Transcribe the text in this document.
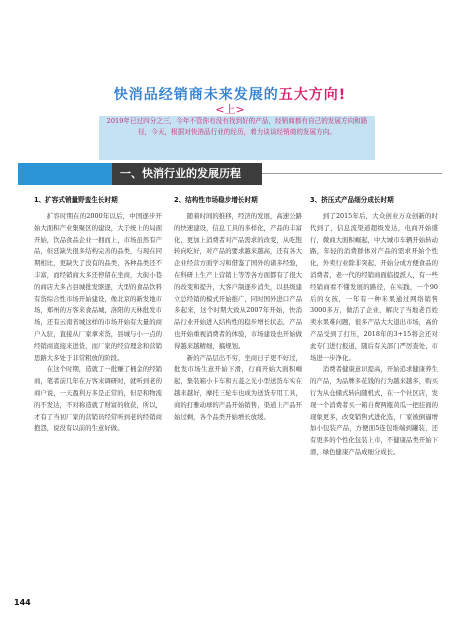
快消品经销商未来发展的五大方向!
<上>
2019年已过四分之三，今年不管你有没有找到好的产品，经销商都有自己的发展方向和路径，今天，根据对快消品行业的经历，着力谈谈经销商的发展方向。
一、快消行业的发展历程
1、扩容式销量野蛮生长时期

扩容时期在的2000年以后，中国逐步开始大面积产业集聚区的建设，大于统上的局面开始，饮品食品企业一拥而上，市场虽然有产品，但廷缺失很多结构完善的品类，与现在同期相比，更缺失了没有的品类，各种品类还不丰富，而经销商大多还停留在坐商，大街小巷的商店大多占县城批发驱逐，大型的食品饮料有货综合性市场开始建设，像北京的新发地市场，郑州的万客来食品城，洛阳的天林批发市场，还有云南省城这样的市场开始有大量的商户入驻，直接从厂家拿来货，县城与小一点的经销商直接来进货，而厂家的经营理念和营销思路大多处于非常粗放的阶段。

在这个时期，造就了一批赚了桶金的经销商，笔者前几年在万客来调研时，就听到老的商户说，一天盈利万多是正常的，但是和物流的不发达，不对称造就了财富的收获，所以，才有了当初厂家的营销员经常听到老的经销商抱怨，说没有以前的生意好做。

2、结构性市场稳步增长时期

随着时间的推移，经济的发展，高速公路的快速建设，信息工具的多样化，产品的丰富化，更加上消费者对产品需求的改变，从吃饱转向吃好，对产品的要求越来越高，还有各大企业经营方面学习和借鉴了国外的诸多经验，在科研上生产上营销上等等各方面都有了很大的改变和提升，大客户制逐步消失，以县级建立总经销的模式开始推广，同时国外进口产品多起来，这个时期大致从2007年开始，快消品行业开始进入结构性的稳步增长状态，产品也开始重视消费者的体验，市场建设也开始做得越来越精细，搞规划。

新的产品层出不穷，坐商日子更不好过，批发市场生意开始下滑，行商开始大面积崛起，集装箱小卡车和五菱之光小型送货车实在越来越好，摩托三轮车也成为送货专用工具，商的打雅动球的产品开始销售，渠道上产品开始过剩，各个品类开始增长放缓。

3、挤压式产品细分成长时期

到了2015年后，大众创业万众创新的时代到了，信息流渠道超级发达，电商开始盛行，微商大面积崛起，中大城市车辆开始转动路，年轻的消费群体对产品的需求开始个性化，外卖行业除非突起，开始分成方便食品的消费者，老一代的经销商面临提派人，有一些经销商看不懂发展的路径，在实践，一个90后的女孩，一年有一种米果通过网络销售3000多万，做活了企业，解决了当地老百姓卖水果难问题，很多产品大大退出市场，高价产品受到了打压，2018年的3+15将会还对此专门进行报道，随后有关部门严厉查处，市场进一步净化。

消费者健康意识提高，开始追求健康养生的产品，为品牌多花钱的行为越来越多，购买行为从仓储式转向随机式，在一个社区店，发现一个消费者买一箱自费两瓶黄瓜一把挂面的现象更多，改变销售式进化选，厂家被倒逼增加小包装产品，方便面5连包堆端到罐装，还有更多的个性化包装上市，不健康品类开始下滑，绿色健康产品成细分成长。

144
